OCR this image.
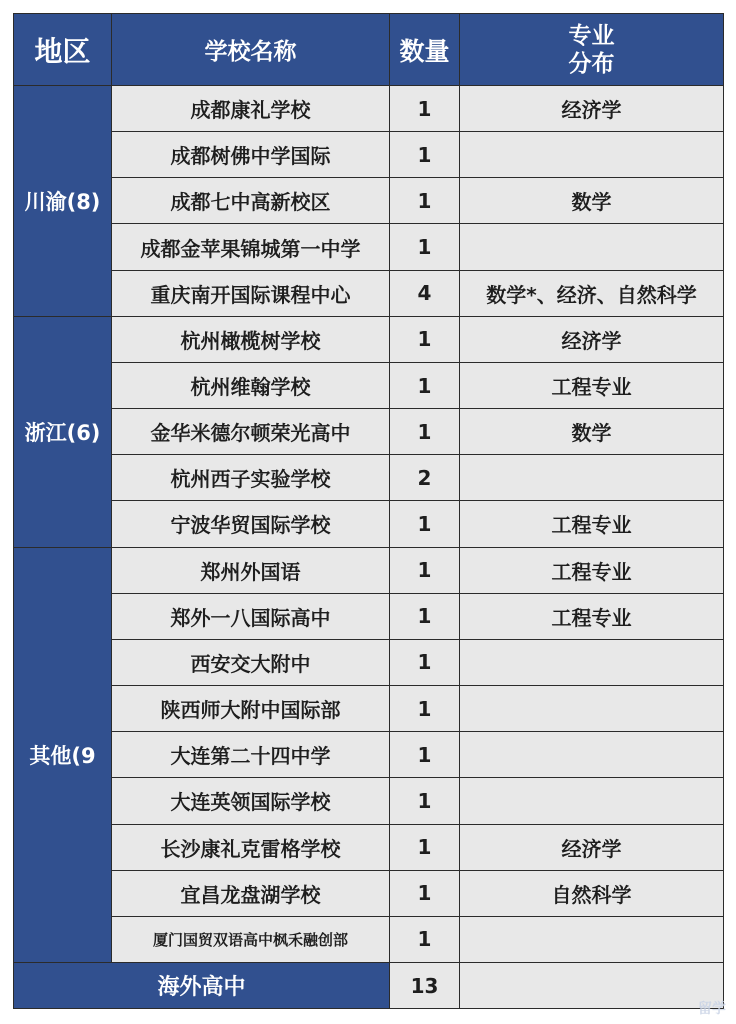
地区	学校名称	数量	专业
分布

川渝(8)	成都康礼学校	1	经济学
	成都树佛中学国际	1	
	成都七中高新校区	1	数学
	成都金苹果锦城第一中学	1	
	重庆南开国际课程中心	4	数学*、经济、自然科学
浙江(6)	杭州橄榄树学校	1	经济学
	杭州维翰学校	1	工程专业
	金华米德尔顿荣光高中	1	数学
	杭州西子实验学校	2	
	宁波华贸国际学校	1	工程专业
其他(9	郑州外国语	1	工程专业
	郑外一八国际高中	1	工程专业
	西安交大附中	1	
	陕西师大附中国际部	1	
	大连第二十四中学	1	
	大连英领国际学校	1	
	长沙康礼克雷格学校	1	经济学
	宜昌龙盘湖学校	1	自然科学
	厦门国贸双语高中枫禾融创部	1	
海外高中		13	
留学
